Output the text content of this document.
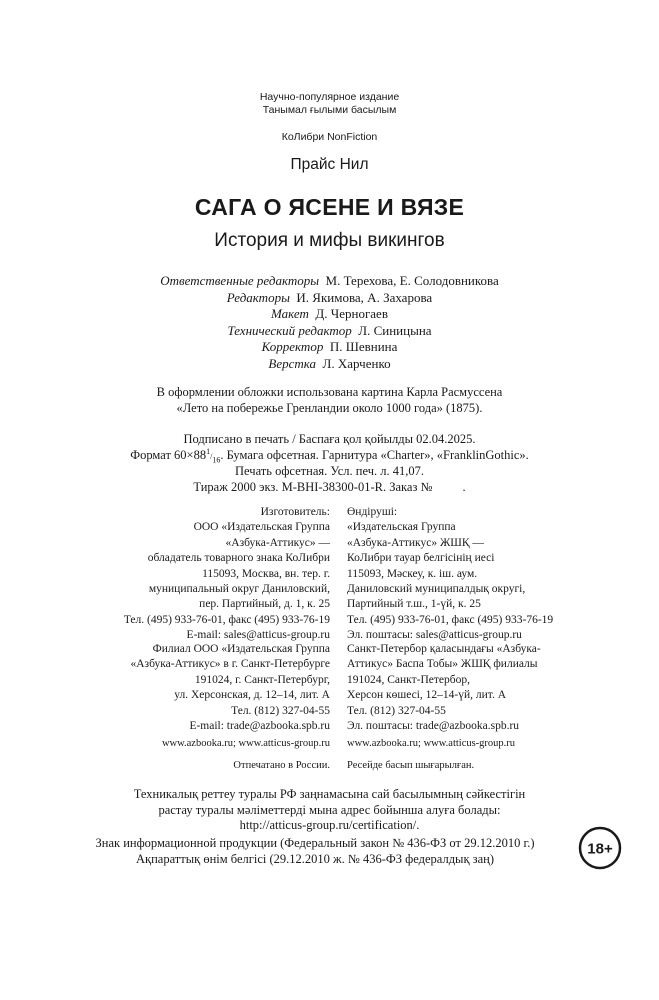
Научно-популярное издание
Танымал ғылыми басылым
КоЛибри NonFiction
Прайс Нил
САГА О ЯСЕНЕ И ВЯЗЕ
История и мифы викингов
Ответственные редакторы М. Терехова, Е. Солодовникова
Редакторы И. Якимова, А. Захарова
Макет Д. Черногаев
Технический редактор Л. Синицына
Корректор П. Шевнина
Верстка Л. Харченко
В оформлении обложки использована картина Карла Расмуссена
«Лето на побережье Гренландии около 1000 года» (1875).
Подписано в печать / Баспаға қол қойылды 02.04.2025.
Формат $60\times 88^1/_{16}$. Бумага офсетная. Гарнитура «Charter», «FranklinGothic».
Печать офсетная. Усл. печ. л. 41,07.
Тираж 2000 экз. M-BHI-38300-01-R. Заказ № .
Изготовитель:
ООО «Издательская Группа
«Азбука-Аттикус» —
обладатель товарного знака КоЛибри
115093, Москва, вн. тер. г.
муниципальный округ Даниловский,
пер. Партийный, д. 1, к. 25
Тел. (495) 933-76-01, факс (495) 933-76-19
E-mail: sales@atticus-group.ru
Өндіруші:
«Издательская Группа
«Азбука-Аттикус» ЖШҚ —
КоЛибри тауар белгісінің иесі
115093, Мәскеу, к. іш. аум.
Даниловский муниципалдық округі,
Партийный т.ш., 1-үй, к. 25
Тел. (495) 933-76-01, факс (495) 933-76-19
Эл. поштасы: sales@atticus-group.ru
Филиал ООО «Издательская Группа
«Азбука-Аттикус» в г. Санкт-Петербурге
191024, г. Санкт-Петербург,
ул. Херсонская, д. 12–14, лит. А
Тел. (812) 327-04-55
E-mail: trade@azbooka.spb.ru
Санкт-Петербор қаласындағы «Азбука-
Аттикус» Баспа Тобы» ЖШҚ филиалы
191024, Санкт-Петербор,
Херсон көшесі, 12–14-үй, лит. А
Тел. (812) 327-04-55
Эл. поштасы: trade@azbooka.spb.ru
www.azbooka.ru; www.atticus-group.ru www.azbooka.ru; www.atticus-group.ru
Отпечатано в России. Ресейде басып шығарылған.
Техникалық реттеу туралы РФ заңнамасына сай басылымның сәйкестігін
растау туралы мәліметтерді мына адрес бойынша алуға болады:
http://atticus-group.ru/certification/.
Знак информационной продукции (Федеральный закон № 436-ФЗ от 29.12.2010 г.)
Ақпараттық өнім белгісі (29.12.2010 ж. № 436-ФЗ федералдық заң)
18+
